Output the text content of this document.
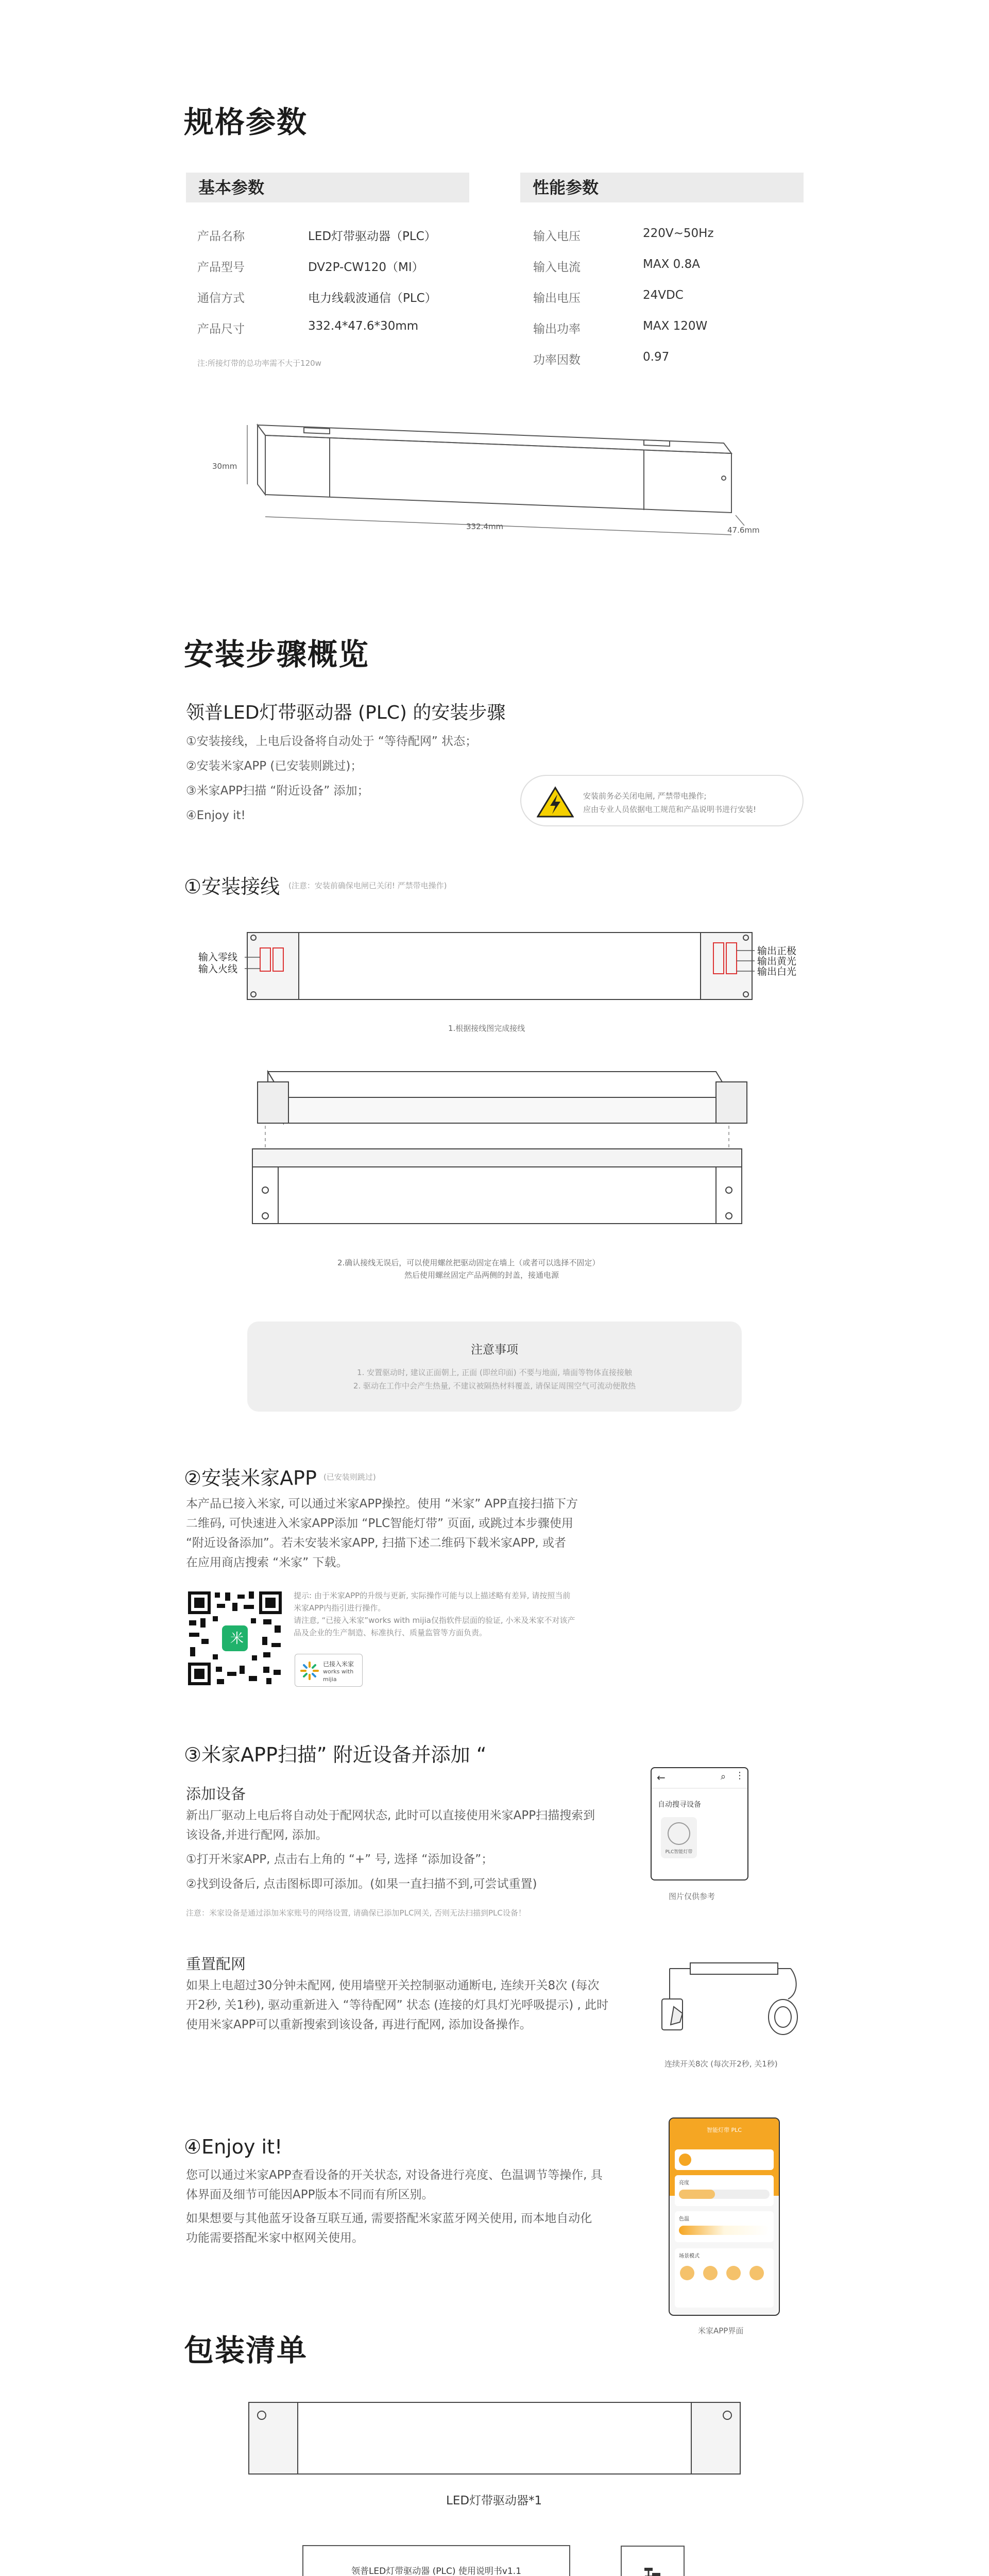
规格参数
基本参数	性能参数
产品名称	LED灯带驱动器（PLC）
产品型号	DV2P-CW120（MI）
通信方式	电力线载波通信（PLC）
产品尺寸	332.4*47.6*30mm
注:所接灯带的总功率需不大于120w
输入电压	220V~50Hz
输入电流	MAX 0.8A
输出电压	24VDC
输出功率	MAX 120W
功率因数	0.97
30mm
332.4mm	47.6mm
安装步骤概览
领普LED灯带驱动器 (PLC) 的安装步骤
①安装接线，上电后设备将自动处于 “等待配网” 状态；
②安装米家APP (已安装则跳过)；
③米家APP扫描 “附近设备” 添加；
④Enjoy it!
安装前务必关闭电闸, 严禁带电操作;
应由专业人员依据电工规范和产品说明书进行安装!
①安装接线 (注意：安装前确保电闸已关闭! 严禁带电操作)
输入零线
输入火线
输出正极
输出黄光
输出白光
1.根据接线图完成接线
2.确认接线无误后，可以使用螺丝把驱动固定在墙上（或者可以选择不固定）
然后使用螺丝固定产品两侧的封盖，接通电源
注意事项
1. 安置驱动时, 建议正面朝上, 正面 (即丝印面) 不要与地面, 墙面等物体直接接触
2. 驱动在工作中会产生热量, 不建议被隔热材料覆盖, 请保证周围空气可流动便散热
②安装米家APP (已安装则跳过)
本产品已接入米家, 可以通过米家APP操控。使用 “米家” APP直接扫描下方
二维码, 可快速进入米家APP添加 “PLC智能灯带” 页面, 或跳过本步骤使用
“附近设备添加”。若未安装米家APP, 扫描下述二维码下载米家APP, 或者
在应用商店搜索 “米家” 下载。
米
提示: 由于米家APP的升级与更新, 实际操作可能与以上描述略有差异, 请按照当前
米家APP内指引进行操作。
请注意, “已接入米家”works with mijia仅指软件层面的验证, 小米及米家不对该产
品及企业的生产制造、标准执行、质量监管等方面负责。
已接入米家
works with
mijia
③米家APP扫描” 附近设备并添加 “
添加设备
新出厂驱动上电后将自动处于配网状态, 此时可以直接使用米家APP扫描搜索到
该设备,并进行配网, 添加。
①打开米家APP, 点击右上角的 “+” 号, 选择 “添加设备”；
②找到设备后, 点击图标即可添加。(如果一直扫描不到,可尝试重置)
注意：米家设备是通过添加米家账号的网络设置, 请确保已添加PLC网关, 否则无法扫描到PLC设备！
←	⌕ ⋮
自动搜寻设备
PLC智能灯带
图片仅供参考
重置配网
如果上电超过30分钟未配网, 使用墙壁开关控制驱动通断电, 连续开关8次 (每次
开2秒, 关1秒), 驱动重新进入 “等待配网” 状态 (连接的灯具灯光呼吸提示) , 此时
使用米家APP可以重新搜索到该设备, 再进行配网, 添加设备操作。
连续开关8次 (每次开2秒, 关1秒)
④Enjoy it!
您可以通过米家APP查看设备的开关状态, 对设备进行亮度、色温调节等操作, 具
体界面及细节可能因APP版本不同而有所区别。
如果想要与其他蓝牙设备互联互通, 需要搭配米家蓝牙网关使用, 而本地自动化
功能需要搭配米家中枢网关使用。
智能灯带 PLC
亮度
色温
场景模式
米家APP界面
包装清单
LED灯带驱动器*1
领普LED灯带驱动器 (PLC) 使用说明书v1.1
